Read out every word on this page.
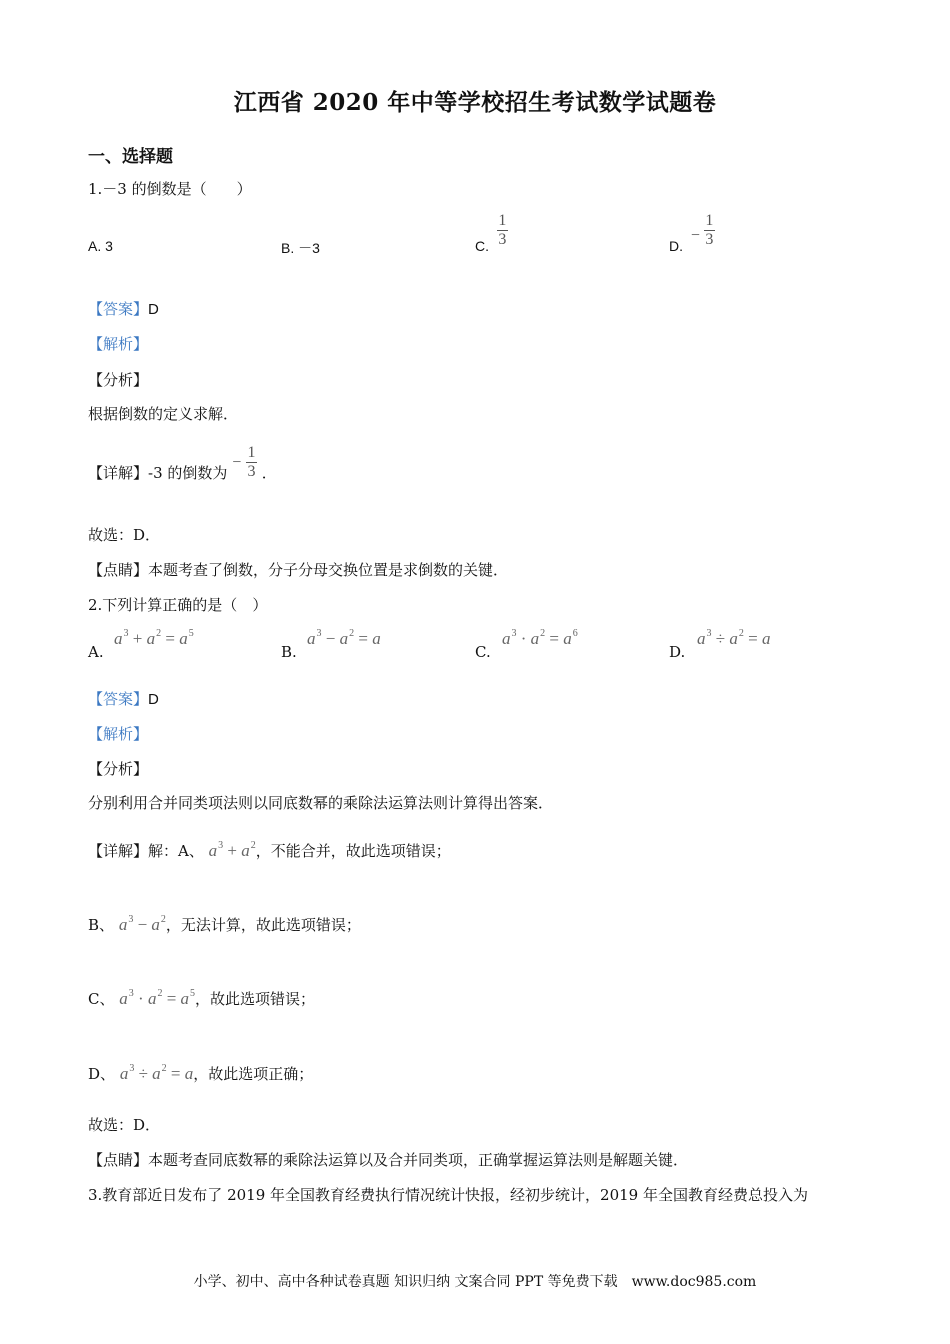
江西省 2020 年中等学校招生考试数学试题卷
一、选择题
1.－3 的倒数是（　　）
A. 3	B. －3	C. $\frac{1}{3}$	D. − $\frac{1}{3}$
【答案】D
【解析】
【分析】
根据倒数的定义求解．
【详解】-3 的倒数为 − $\frac{1}{3}$ ．
故选：D．
【点睛】本题考查了倒数，分子分母交换位置是求倒数的关键．
2.下列计算正确的是（　）
A.
$a^3 + a^2 = a^5$
B.
$a^3 - a^2 = a$
C.
$a^3 \cdot a^2 = a^6$
D.
$a^3 \div a^2 = a$
【答案】D
【解析】
【分析】
分别利用合并同类项法则以同底数幂的乘除法运算法则计算得出答案．
【详解】解：A、 $a^3 + a^2$，不能合并，故此选项错误；
B、 $a^3 - a^2$，无法计算，故此选项错误；
C、 $a^3 \cdot a^2 = a^5$，故此选项错误；
D、 $a^3 \div a^2 = a$，故此选项正确；
故选：D．
【点睛】本题考查同底数幂的乘除法运算以及合并同类项，正确掌握运算法则是解题关键．
3.教育部近日发布了 2019 年全国教育经费执行情况统计快报，经初步统计，2019 年全国教育经费总投入为
小学、初中、高中各种试卷真题 知识归纳 文案合同 PPT 等免费下载　www.doc985.com
